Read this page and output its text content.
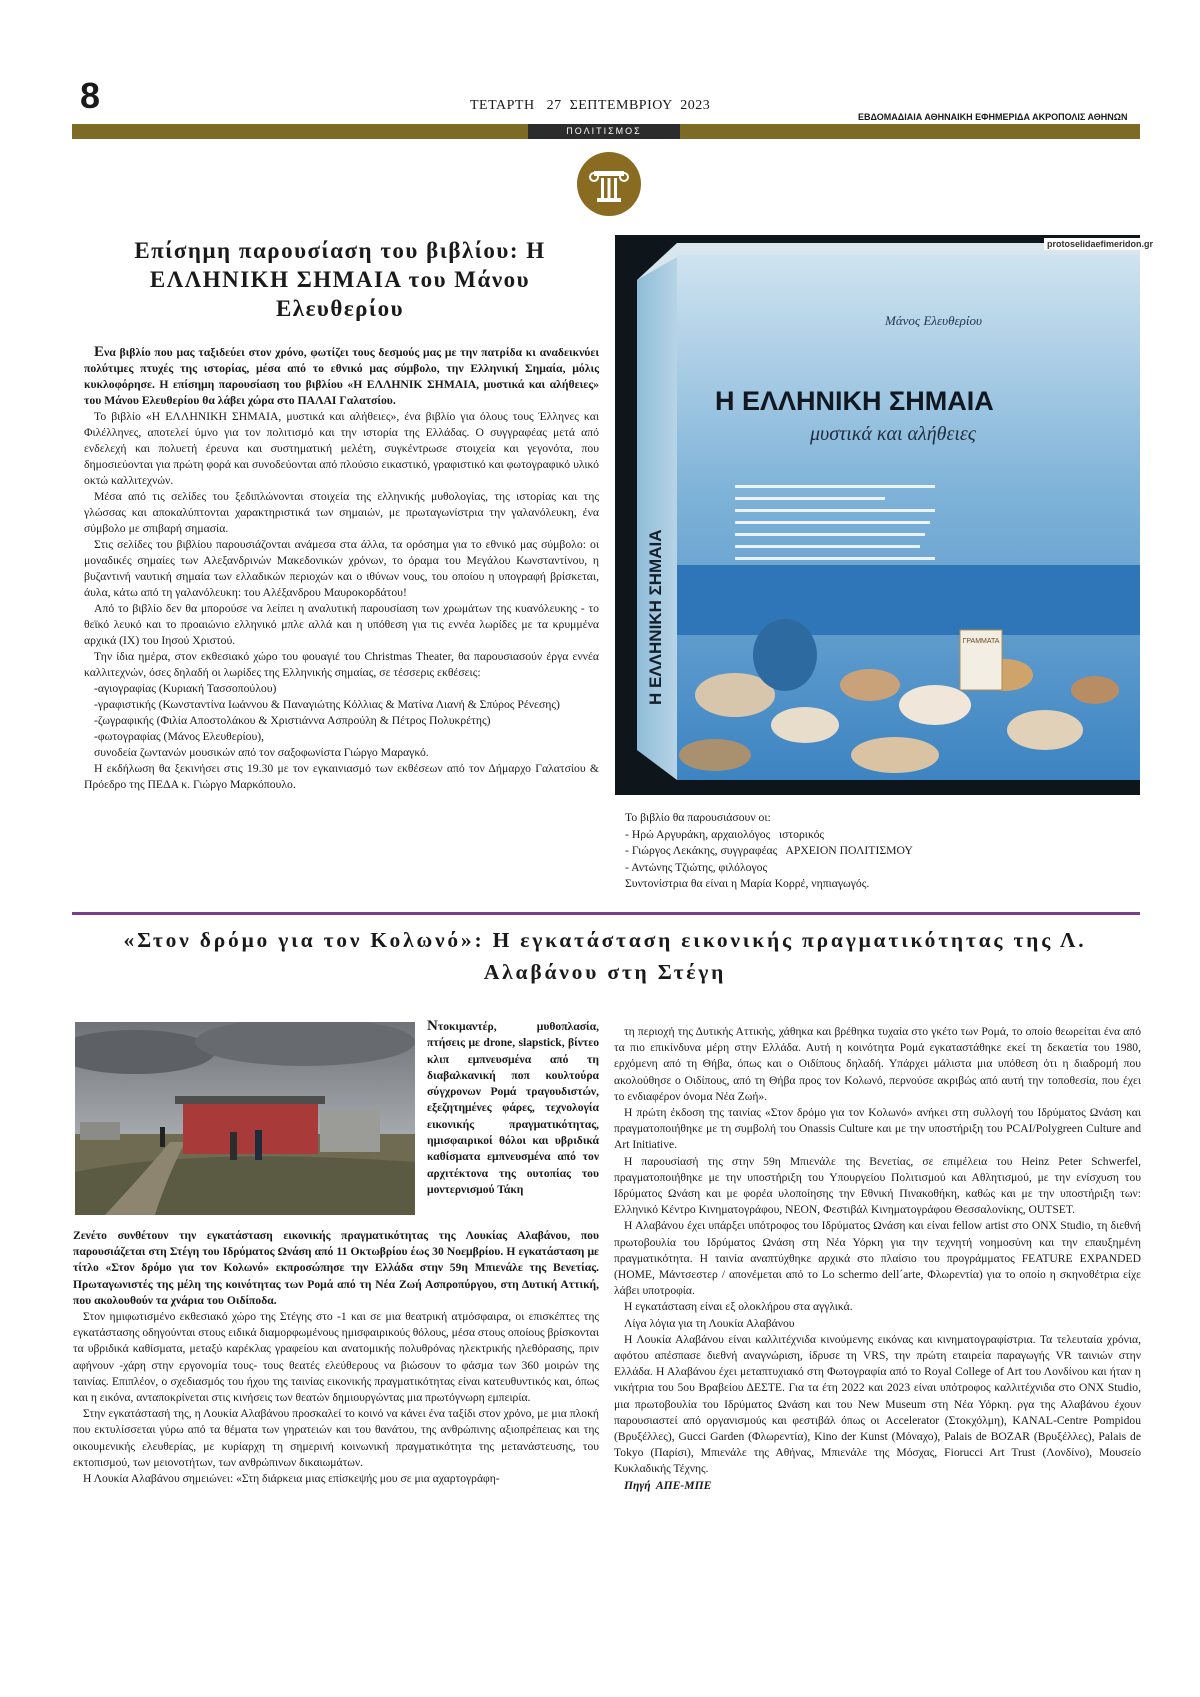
8	ΤΕΤΑΡΤΗ   27  ΣΕΠΤΕΜΒΡΙΟΥ  2023
ΕΒΔΟΜΑΔΙΑΙΑ ΑΘΗΝΑΙΚΗ ΕΦΗΜΕΡΙΔΑ ΑΚΡΟΠΟΛΙΣ ΑΘΗΝΩΝ
ΠΟΛΙΤΙΣΜΟΣ
Επίσημη παρουσίαση του βιβλίου: Η ΕΛΛΗΝΙΚΗ ΣΗΜΑΙΑ του Μάνου Ελευθερίου

Ενα βιβλίο που μας ταξιδεύει στον χρόνο, φωτίζει τους δεσμούς μας με την πατρίδα κι αναδεικνύει πολύτιμες πτυχές της ιστορίας, μέσα από το εθνικό μας σύμβολο, την Ελληνική Σημαία, μόλις κυκλοφόρησε. Η επίσημη παρουσίαση του βιβλίου «Η ΕΛΛΗΝΙΚ ΣΗΜΑΙΑ, μυστικά και αλήθειες» του Μάνου Ελευθερίου θα λάβει χώρα στο ΠΑΛΑΙ Γαλατσίου.

Το βιβλίο «Η ΕΛΛΗΝΙΚΗ ΣΗΜΑΙΑ, μυστικά και αλήθειες», ένα βιβλίο για όλους τους Έλληνες και Φιλέλληνες, αποτελεί ύμνο για τον πολιτισμό και την ιστορία της Ελλάδας. Ο συγγραφέας μετά από ενδελεχή και πολυετή έρευνα και συστηματική μελέτη, συγκέντρωσε στοιχεία και γεγονότα, που δημοσιεύονται για πρώτη φορά και συνοδεύονται από πλούσιο εικαστικό, γραφιστικό και φωτογραφικό υλικό οκτώ καλλιτεχνών.

Μέσα από τις σελίδες του ξεδιπλώνονται στοιχεία της ελληνικής μυθολογίας, της ιστορίας και της γλώσσας και αποκαλύπτονται χαρακτηριστικά των σημαιών, με πρωταγωνίστρια την γαλανόλευκη, ένα σύμβολο με σπιβαρή σημασία.

Στις σελίδες του βιβλίου παρουσιάζονται ανάμεσα στα άλλα, τα ορόσημα για το εθνικό μας σύμβολο: οι μοναδικές σημαίες των Αλεξανδρινών Μακεδονικών χρόνων, το όραμα του Μεγάλου Κωνσταντίνου, η βυζαντινή ναυτική σημαία των ελλαδικών περιοχών και ο ιθύνων νους, του οποίου η υπογραφή βρίσκεται, άυλα, κάτω από τη γαλανόλευκη: του Αλέξανδρου Μαυροκορδάτου!

Από το βιβλίο δεν θα μπορούσε να λείπει η αναλυτική παρουσίαση των χρωμάτων της κυανόλευκης - το θεϊκό λευκό και το προαιώνιο ελληνικό μπλε αλλά και η υπόθεση για τις εννέα λωρίδες με τα κρυμμένα αρχικά (ΙΧ) του Ιησού Χριστού.

Την ίδια ημέρα, στον εκθεσιακό χώρο του φουαγιέ του Christmas Theater, θα παρουσιασούν έργα εννέα καλλιτεχνών, όσες δηλαδή οι λωρίδες της Ελληνικής σημαίας, σε τέσσερις εκθέσεις:

-αγιογραφίας (Κυριακή Τασσοπούλου)

-γραφιστικής (Κωνσταντίνα Ιωάννου & Παναγιώτης Κόλλιας & Ματίνα Λιανή & Σπύρος Ρένεσης)

-ζωγραφικής (Φιλία Αποστολάκου & Χριστιάννα Ασπρούλη & Πέτρος Πολυκρέτης)

-φωτογραφίας (Μάνος Ελευθερίου),

συνοδεία ζωντανών μουσικών από τον σαξοφωνίστα Γιώργο Μαραγκό.

Η εκδήλωση θα ξεκινήσει στις 19.30 με τον εγκαινιασμό των εκθέσεων από τον Δήμαρχο Γαλατσίου & Πρόεδρο της ΠΕΔΑ κ. Γιώργο Μαρκόπουλο.

ΓΡΑΜΜΑΤΑ
Μάνος Ελευθερίου
Η ΕΛΛΗΝΙΚΗ ΣΗΜΑΙΑ
μυστικά και αλήθειες
Η ΕΛΛΗΝΙΚΗ ΣΗΜΑΙΑ
protoselidaefimeridon.gr
Το βιβλίο θα παρουσιάσουν οι:
- Ηρώ Αργυράκη, αρχαιολόγος   ιστορικός
- Γιώργος Λεκάκης, συγγραφέας   ΑΡΧΕΙΟΝ ΠΟΛΙΤΙΣΜΟΥ
- Αντώνης Τζιώτης, φιλόλογος
Συντονίστρια θα είναι η Μαρία Κορρέ, νηπιαγωγός.
«Στον δρόμο για τον Κολωνό»: Η εγκατάσταση εικονικής πραγματικότητας της Λ. Αλαβάνου στη Στέγη
Ντοκιμαντέρ, μυθοπλασία, πτήσεις με drone, slapstick, βίντεο κλιπ εμπνευσμένα από τη διαβαλκανική ποπ κουλτούρα σύγχρονων Ρομά τραγουδιστών, εξεζητημένες φάρες, τεχνολογία εικονικής πραγματικότητας, ημισφαιρικοί θόλοι και υβριδικά καθίσματα εμπνευσμένα από τον αρχιτέκτονα της ουτοπίας του μοντερνισμού Τάκη

Ζενέτο συνθέτουν την εγκατάσταση εικονικής πραγματικότητας της Λουκίας Αλαβάνου, που παρουσιάζεται στη Στέγη του Ιδρύματος Ωνάση από 11 Οκτωβρίου έως 30 Νοεμβρίου. Η εγκατάσταση με τίτλο «Στον δρόμο για τον Κολωνό» εκπροσώπησε την Ελλάδα στην 59η Μπιενάλε της Βενετίας. Πρωταγωνιστές της μέλη της κοινότητας των Ρομά από τη Νέα Ζωή Ασπροπύργου, στη Δυτική Αττική, που ακολουθούν τα χνάρια του Οιδίποδα.

Στον ημιφωτισμένο εκθεσιακό χώρο της Στέγης στο -1 και σε μια θεατρική ατμόσφαιρα, οι επισκέπτες της εγκατάστασης οδηγούνται στους ειδικά διαμορφωμένους ημισφαιρικούς θόλους, μέσα στους οποίους βρίσκονται τα υβριδικά καθίσματα, μεταξύ καρέκλας γραφείου και ανατομικής πολυθρόνας ηλεκτρικής ηλεθόρασης, πριν αφήνουν -χάρη στην εργονομία τους- τους θεατές ελεύθερους να βιώσουν το φάσμα των 360 μοιρών της ταινίας. Επιπλέον, ο σχεδιασμός του ήχου της ταινίας εικονικής πραγματικότητας είναι κατευθυντικός και, όπως και η εικόνα, ανταποκρίνεται στις κινήσεις των θεατών δημιουργώντας μια πρωτόγνωρη εμπειρία.

Στην εγκατάστασή της, η Λουκία Αλαβάνου προσκαλεί το κοινό να κάνει ένα ταξίδι στον χρόνο, με μια πλοκή που εκτυλίσσεται γύρω από τα θέματα των γηρατειών και του θανάτου, της ανθρώπινης αξιοπρέπειας και της οικουμενικής ελευθερίας, με κυρίαρχη τη σημερινή κοινωνική πραγματικότητα της μετανάστευσης, του εκτοπισμού, των μειονοτήτων, των ανθρώπινων δικαιωμάτων.

Η Λουκία Αλαβάνου σημειώνει: «Στη διάρκεια μιας επίσκεψής μου σε μια αχαρτογράφη-

τη περιοχή της Δυτικής Αττικής, χάθηκα και βρέθηκα τυχαία στο γκέτο των Ρομά, το οποίο θεωρείται ένα από τα πιο επικίνδυνα μέρη στην Ελλάδα. Αυτή η κοινότητα Ρομά εγκαταστάθηκε εκεί τη δεκαετία του 1980, ερχόμενη από τη Θήβα, όπως και ο Οιδίπους δηλαδή. Υπάρχει μάλιστα μια υπόθεση ότι η διαδρομή που ακολούθησε ο Οιδίπους, από τη Θήβα προς τον Κολωνό, περνούσε ακριβώς από αυτή την τοποθεσία, που έχει το ενδιαφέρον όνομα Νέα Ζωή».

Η πρώτη έκδοση της ταινίας «Στον δρόμο για τον Κολωνό» ανήκει στη συλλογή του Ιδρύματος Ωνάση και πραγματοποιήθηκε με τη συμβολή του Onassis Culture και με την υποστήριξη του PCAI/Polygreen Culture and Art Initiative.

Η παρουσίασή της στην 59η Μπιενάλε της Βενετίας, σε επιμέλεια του Heinz Peter Schwerfel, πραγματοποιήθηκε με την υποστήριξη του Υπουργείου Πολιτισμού και Αθλητισμού, με την ενίσχυση του Ιδρύματος Ωνάση και με φορέα υλοποίησης την Εθνική Πινακοθήκη, καθώς και με την υποστήριξη των: Ελληνικό Κέντρο Κινηματογράφου, NEON, Φεστιβάλ Κινηματογράφου Θεσσαλονίκης, OUTSET.

Η Αλαβάνου έχει υπάρξει υπότροφος του Ιδρύματος Ωνάση και είναι fellow artist στο ONX Studio, τη διεθνή πρωτοβουλία του Ιδρύματος Ωνάση στη Νέα Υόρκη για την τεχνητή νοημοσύνη και την επαυξημένη πραγματικότητα. Η ταινία αναπτύχθηκε αρχικά στο πλαίσιο του προγράμματος FEATURE EXPANDED (HOME, Μάντσεστερ / απονέμεται από το Lo schermo dell´arte, Φλωρεντία) για το οποίο η σκηνοθέτρια είχε λάβει υποτροφία.

Η εγκατάσταση είναι εξ ολοκλήρου στα αγγλικά.

Λίγα λόγια για τη Λουκία Αλαβάνου

Η Λουκία Αλαβάνου είναι καλλιτέχνιδα κινούμενης εικόνας και κινηματογραφίστρια. Τα τελευταία χρόνια, αφότου απέσπασε διεθνή αναγνώριση, ίδρυσε τη VRS, την πρώτη εταιρεία παραγωγής VR ταινιών στην Ελλάδα. Η Αλαβάνου έχει μεταπτυχιακό στη Φωτογραφία από το Royal College of Art του Λονδίνου και ήταν η νικήτρια του 5ου Βραβείου ΔΕΣΤΕ. Για τα έτη 2022 και 2023 είναι υπότροφος καλλιτέχνιδα στο ONX Studio, μια πρωτοβουλία του Ιδρύματος Ωνάση και του New Museum στη Νέα Υόρκη. ργα της Αλαβάνου έχουν παρουσιαστεί από οργανισμούς και φεστιβάλ όπως οι Accelerator (Στοκχόλμη), KANAL-Centre Pompidou (Βρυξέλλες), Gucci Garden (Φλωρεντία), Kino der Kunst (Μόναχο), Palais de BOZAR (Βρυξέλλες), Palais de Tokyo (Παρίσι), Μπιενάλε της Αθήνας, Μπιενάλε της Μόσχας, Fiorucci Art Trust (Λονδίνο), Μουσείο Κυκλαδικής Τέχνης.

Πηγή  ΑΠΕ-ΜΠΕ
